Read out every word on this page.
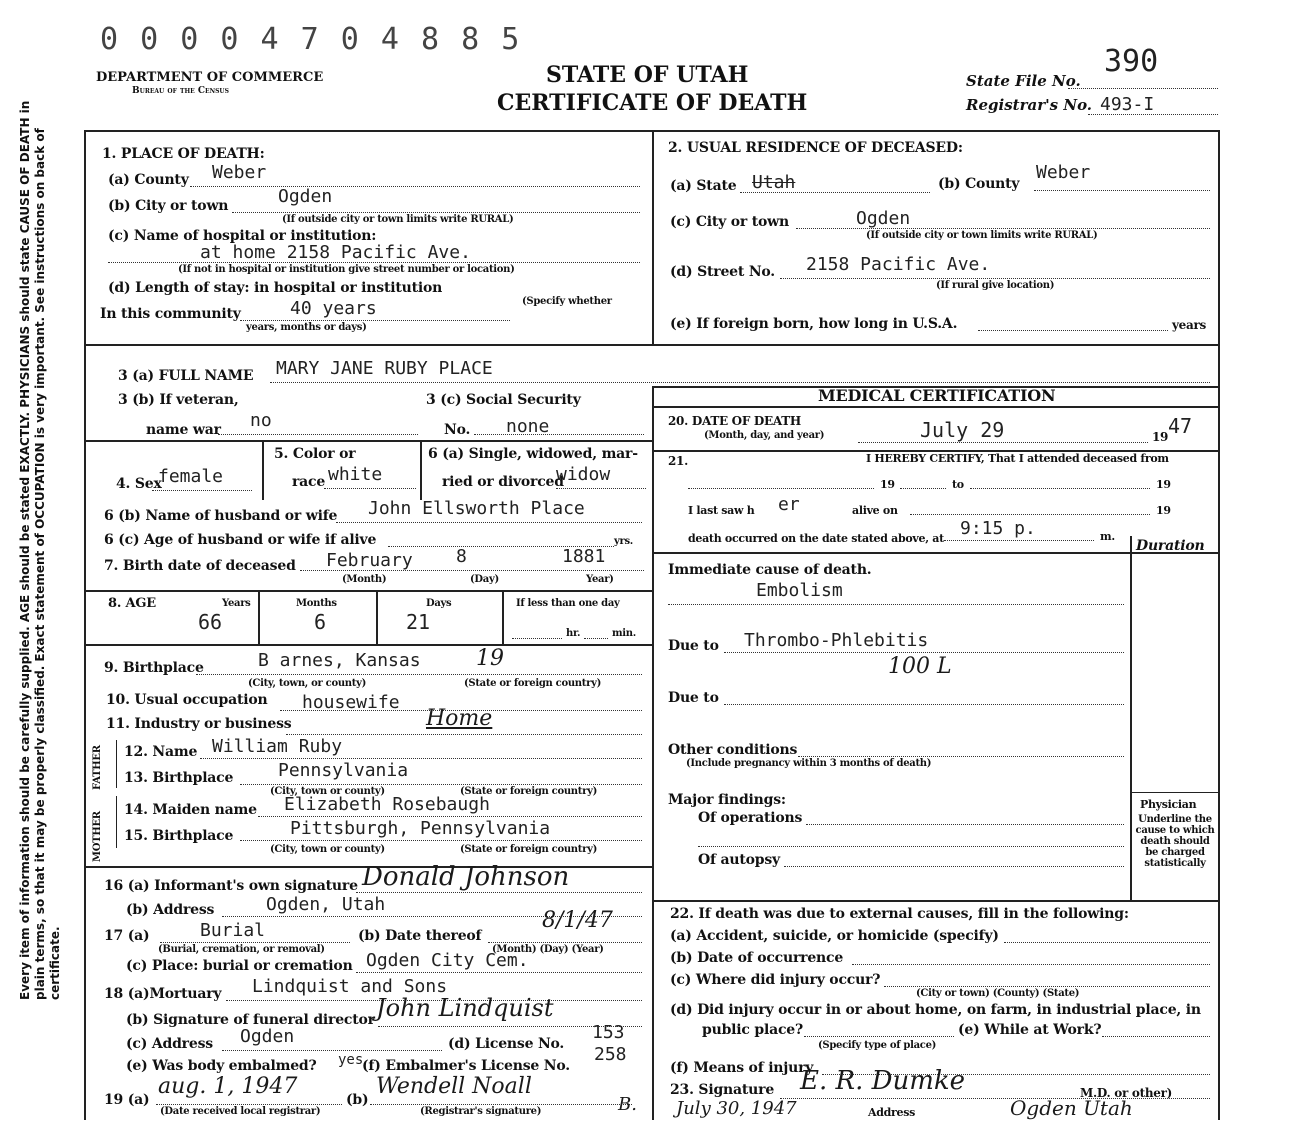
Every item of information should be carefully supplied. AGE should be stated EXACTLY. PHYSICIANS should state CAUSE OF DEATH in plain terms, so that it may be properly classified. Exact statement of OCCUPATION is very important. See instructions on back of certificate.
0 0 0 0 4 7 0 4 8 8 5
DEPARTMENT OF COMMERCE
Bureau of the Census
STATE OF UTAH
CERTIFICATE OF DEATH
State File No.
390
Registrar's No. 493-I
1. PLACE OF DEATH:
(a) County Weber
(b) City or town	Ogden
(If outside city or town limits write RURAL)
(c) Name of hospital or institution:
at home 2158 Pacific Ave.
(If not in hospital or institution give street number or location)
(d) Length of stay: in hospital or institution
(Specify whether
In this community	40 years
years, months or days)
2. USUAL RESIDENCE OF DECEASED:
(a) State Utah	(b) County
Weber
(c) City or town	Ogden
(If outside city or town limits write RURAL)
(d) Street No. 2158 Pacific Ave.
(If rural give location)
(e) If foreign born, how long in U.S.A.	years
3 (a) FULL NAME MARY JANE RUBY PLACE
MEDICAL CERTIFICATION
3 (b) If veteran,
name war no
3 (c) Social Security
No. none	20. DATE OF DEATH
(Month, day, and year)	July 29	19 47
4. Sex
female
5. Color or
race white
6 (a) Single, widowed, mar-
ried or divorced
widow
21.	I HEREBY CERTIFY, That I attended deceased from
19	to	19
I last saw h er	alive on	19
death occurred on the date stated above, at 9:15 p.	m.
Duration
6 (b) Name of husband or wife John Ellsworth Place
6 (c) Age of husband or wife if alive	yrs.
7. Birth date of deceased February 8	1881
(Month)	(Day)	Year)
Immediate cause of death.
Embolism
8. AGE	Years
66
Months
6
Days
21
If less than one day
hr.	min.
Due to Thrombo-Phlebitis
100 L
Due to
Other conditions
(Include pregnancy within 3 months of death)
Major findings:
Of operations
Of autopsy
Physician
Underline the cause to which death should be charged statistically
9. Birthplace	B arnes, Kansas	19
(City, town, or county)	(State or foreign country)
10. Usual occupation housewife
11. Industry or business	Home
FATHER
MOTHER
12. Name William Ruby
13. Birthplace Pennsylvania
(City, town or county)	(State or foreign country)
14. Maiden name Elizabeth Rosebaugh
15. Birthplace	Pittsburgh, Pennsylvania
(City, town or county)	(State or foreign country)
16 (a) Informant's own signature Donald Johnson
(b) Address	Ogden, Utah
17 (a)	Burial
(Burial, cremation, or removal)
(b) Date thereof
8/1/47
(Month) (Day) (Year)
(c) Place: burial or cremation Ogden City Cem.
18 (a)Mortuary Lindquist and Sons
(b) Signature of funeral director John Lindquist
(c) Address Ogden	(d) License No.
153
(e) Was body embalmed? yes
(f) Embalmer's License No.
258
19 (a)
aug. 1, 1947
(Date received local registrar)
(b)
Wendell Noall
(Registrar's signature)	B.
22. If death was due to external causes, fill in the following:
(a) Accident, suicide, or homicide (specify)
(b) Date of occurrence
(c) Where did injury occur?
(City or town) (County) (State)
(d) Did injury occur in or about home, on farm, in industrial place, in
public place?	(e) While at Work?
(Specify type of place)
(f) Means of injury
23. Signature E. R. Dumke	M.D. or other)
July 30, 1947	Address	Ogden Utah
